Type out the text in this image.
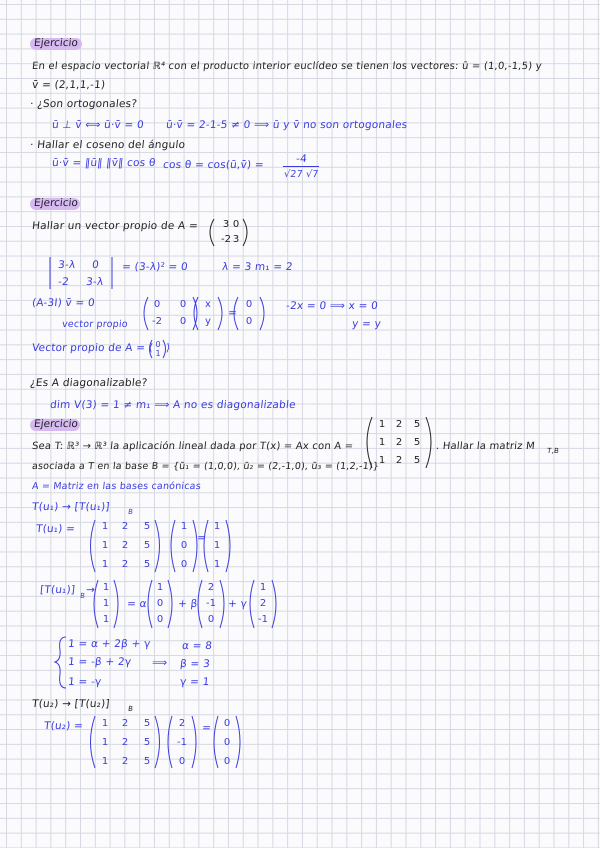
Ejercicio
En el espacio vectorial ℝ⁴ con el producto interior euclídeo se tienen los vectores: ū = (1,0,-1,5) y
v̄ = (2,1,1,-1)
· ¿Son ortogonales?
ū ⊥ v̄ ⟺ ū·v̄ = 0 ū·v̄ = 2-1-5 ≠ 0 ⟹ ū y v̄ no son ortogonales
· Hallar el coseno del ángulo
ū·v̄ = ‖ū‖ ‖v̄‖ cos θ cos θ = cos(ū,v̄) =	-4
√27 √7
Ejercicio
Hallar un vector propio de A =	3 0
-2 3
3-λ 0
-2 3-λ
= (3-λ)² = 0	λ = 3 m₁ = 2
(A-3I) v̄ = 0
vector propio
0	0
-2	0
x
y
=
0
0
-2x = 0 ⟹ x = 0
y = y
Vector propio de A = ⟨ 0
1 ⟩
¿Es A diagonalizable?
dim V(3) = 1 ≠ m₁ ⟹ A no es diagonalizable
Ejercicio
Sea T: ℝ³ → ℝ³ la aplicación lineal dada por T(x) = Ax con A =
1	2	5
1	2	5
1	2	5
. Hallar la matriz M T,B
asociada a T en la base B = {ū₁ = (1,0,0), ū₂ = (2,-1,0), ū₃ = (1,2,-1)}
A = Matriz en las bases canónicas
T(u₁) → [T(u₁)] B
T(u₁) =	1	2	5
1	2	5
1	2	5
1
0
0
=
1
1
1
[T(u₁)] B → 1
1
1
= α
1
0
0
+ β
2
-1
0
+ γ
1
2
-1
1 = α + 2β + γ
1 = -β + 2γ
1 = -γ
⟹
α = 8
β = 3
γ = 1
T(u₂) → [T(u₂)] B
T(u₂) =	1	2	5
1	2	5
1	2	5
2
-1
0
=	0
0
0
